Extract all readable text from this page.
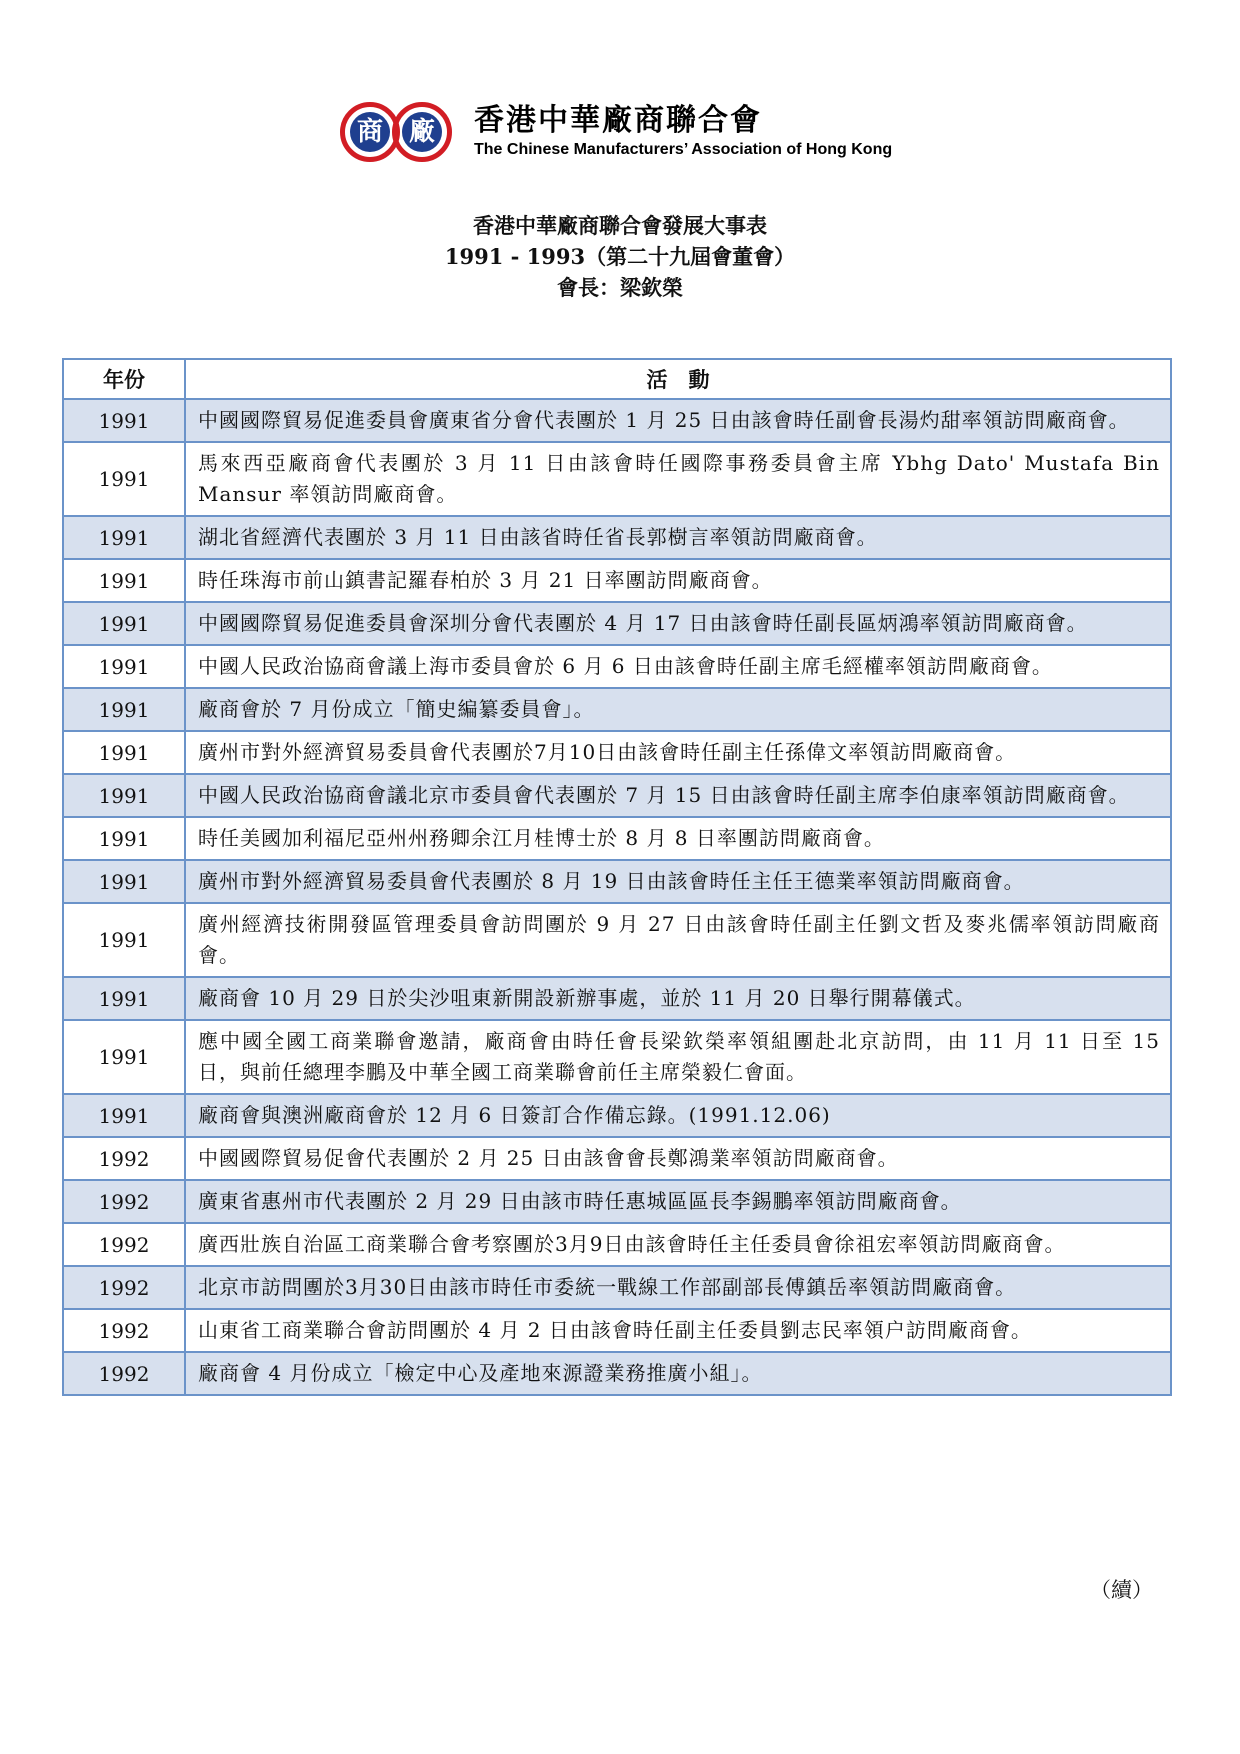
商 廠 香港中華廠商聯合會
The Chinese Manufacturers’ Association of Hong Kong
香港中華廠商聯合會發展大事表
1991 - 1993（第二十九屆會董會）
會長：梁欽榮
年份	活　動
1991	中國國際貿易促進委員會廣東省分會代表團於 1 月 25 日由該會時任副會長湯灼甜率領訪問廠商會。
1991	馬來西亞廠商會代表團於 3 月 11 日由該會時任國際事務委員會主席 Ybhg Dato' Mustafa Bin Mansur 率領訪問廠商會。
1991	湖北省經濟代表團於 3 月 11 日由該省時任省長郭樹言率領訪問廠商會。
1991	時任珠海市前山鎮書記羅春柏於 3 月 21 日率團訪問廠商會。
1991	中國國際貿易促進委員會深圳分會代表團於 4 月 17 日由該會時任副長區炳鴻率領訪問廠商會。
1991	中國人民政治協商會議上海市委員會於 6 月 6 日由該會時任副主席毛經權率領訪問廠商會。
1991	廠商會於 7 月份成立「簡史編纂委員會」。
1991	廣州市對外經濟貿易委員會代表團於7月10日由該會時任副主任孫偉文率領訪問廠商會。
1991	中國人民政治協商會議北京市委員會代表團於 7 月 15 日由該會時任副主席李伯康率領訪問廠商會。
1991	時任美國加利福尼亞州州務卿余江月桂博士於 8 月 8 日率團訪問廠商會。
1991	廣州市對外經濟貿易委員會代表團於 8 月 19 日由該會時任主任王德業率領訪問廠商會。
1991	廣州經濟技術開發區管理委員會訪問團於 9 月 27 日由該會時任副主任劉文哲及麥兆儒率領訪問廠商會。
1991	廠商會 10 月 29 日於尖沙咀東新開設新辦事處，並於 11 月 20 日舉行開幕儀式。
1991	應中國全國工商業聯會邀請，廠商會由時任會長梁欽榮率領組團赴北京訪問，由 11 月 11 日至 15 日，與前任總理李鵬及中華全國工商業聯會前任主席榮毅仁會面。
1991	廠商會與澳洲廠商會於 12 月 6 日簽訂合作備忘錄。(1991.12.06)
1992	中國國際貿易促會代表團於 2 月 25 日由該會會長鄭鴻業率領訪問廠商會。
1992	廣東省惠州市代表團於 2 月 29 日由該市時任惠城區區長李錫鵬率領訪問廠商會。
1992	廣西壯族自治區工商業聯合會考察團於3月9日由該會時任主任委員會徐祖宏率領訪問廠商會。
1992	北京市訪問團於3月30日由該市時任市委統一戰線工作部副部長傅鎮岳率領訪問廠商會。
1992	山東省工商業聯合會訪問團於 4 月 2 日由該會時任副主任委員劉志民率領户訪問廠商會。
1992	廠商會 4 月份成立「檢定中心及產地來源證業務推廣小組」。
（續）
